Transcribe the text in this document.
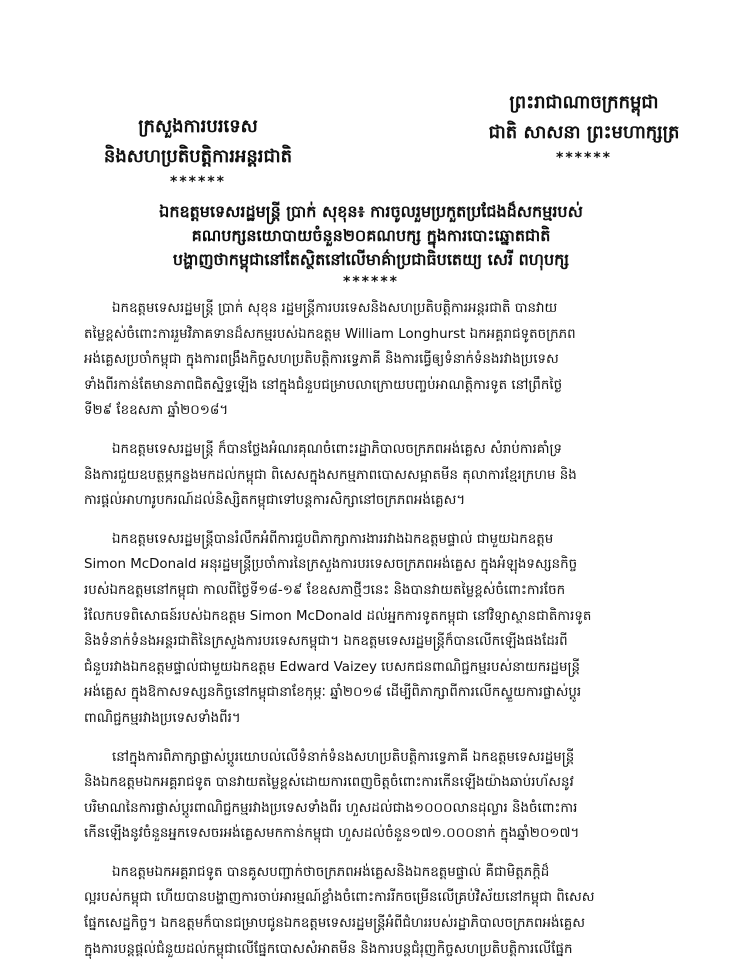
ព្រះរាជាណាចក្រកម្ពុជា
ជាតិ សាសនា ព្រះមហាក្សត្រ
******
ក្រសួងការបរទេស
និងសហប្រតិបត្តិការអន្តរជាតិ
******
ឯកឧត្តមទេសរដ្ឋមន្ត្រី ប្រាក់ សុខុន៖ ការចូលរួមប្រកួតប្រជែងដ៏សកម្មរបស់
គណបក្សនយោបាយចំនួន២០គណបក្ស ក្នុងការបោះឆ្នោតជាតិ
បង្ហាញថាកម្ពុជានៅតែស្ថិតនៅលើមាគ៌ាប្រជាធិបតេយ្យ សេរី ពហុបក្ស
******
ឯកឧត្តមទេសរដ្ឋមន្ត្រី ប្រាក់ សុខុន រដ្ឋមន្ត្រីការបរទេសនិងសហប្រតិបត្តិការអន្តរជាតិ បានវាយ
តម្លៃខ្ពស់ចំពោះការរួមវិភាគទានដ៏សកម្មរបស់ឯកឧត្តម William Longhurst ឯកអគ្គរាជទូតចក្រភព
អង់គ្លេសប្រចាំកម្ពុជា ក្នុងការពង្រឹងកិច្ចសហប្រតិបត្តិការទ្វេភាគី និងការធ្វើឲ្យទំនាក់ទំនងរវាងប្រទេស
ទាំងពីរកាន់តែមានភាពជិតស្និទ្ធឡើង នៅក្នុងជំនួបជម្រាបលាក្រោយបញ្ចប់អាណត្តិការទូត នៅព្រឹកថ្ងៃ
ទី២៩ ខែឧសភា ឆ្នាំ២០១៨។
ឯកឧត្តមទេសរដ្ឋមន្ត្រី ក៏បានថ្លែងអំណរគុណចំពោះរដ្ឋាភិបាលចក្រភពអង់គ្លេស សំរាប់ការគាំទ្រ
និងការជួយឧបត្ថម្ភកន្លងមកដល់កម្ពុជា ពិសេសក្នុងសកម្មភាពបោសសម្អាតមីន តុលាការខ្មែរក្រហម និង
ការផ្តល់អាហារូបករណ៍ដល់និស្សិតកម្ពុជាទៅបន្តការសិក្សានៅចក្រភពអង់គ្លេស។
ឯកឧត្តមទេសរដ្ឋមន្ត្រីបានរំលឹកអំពីការជួបពិភាក្សាការងាររវាងឯកឧត្តមផ្ទាល់ ជាមួយឯកឧត្តម
Simon McDonald អនុរដ្ឋមន្ត្រីប្រចាំការនៃក្រសួងការបរទេសចក្រភពអង់គ្លេស ក្នុងអំឡុងទស្សនកិច្ច
របស់ឯកឧត្តមនៅកម្ពុជា កាលពីថ្ងៃទី១៨-១៩ ខែឧសភាថ្មីៗនេះ និងបានវាយតម្លៃខ្ពស់ចំពោះការចែក
រំលែកបទពិសោធន៍របស់ឯកឧត្តម Simon McDonald ដល់អ្នកការទូតកម្ពុជា នៅវិទ្យាស្ថានជាតិការទូត
និងទំនាក់ទំនងអន្តរជាតិនៃក្រសួងការបរទេសកម្ពុជា។ ឯកឧត្តមទេសរដ្ឋមន្ត្រីក៏បានលើកឡើងផងដែរពី
ជំនួបរវាងឯកឧត្តមផ្ទាល់ជាមួយឯកឧត្តម Edward Vaizey បេសកជនពាណិជ្ជកម្មរបស់នាយករដ្ឋមន្ត្រី
អង់គ្លេស ក្នុងឱកាសទស្សនកិច្ចនៅកម្ពុជានាខែកុម្ភៈ ឆ្នាំ២០១៨ ដើម្បីពិភាក្សាពីការលើកស្ទួយការផ្លាស់ប្តូរ
ពាណិជ្ជកម្មរវាងប្រទេសទាំងពីរ។
នៅក្នុងការពិភាក្សាផ្លាស់ប្តូរយោបល់លើទំនាក់ទំនងសហប្រតិបត្តិការទ្វេភាគី ឯកឧត្តមទេសរដ្ឋមន្ត្រី
និងឯកឧត្តមឯកអគ្គរាជទូត បានវាយតម្លៃខ្ពស់ដោយការពេញចិត្តចំពោះការកើនឡើងយ៉ាងឆាប់រហ័សនូវ
បរិមាណនៃការផ្លាស់ប្តូរពាណិជ្ជកម្មរវាងប្រទេសទាំងពីរ ហួសដល់ជាង១០០០លានដុល្លារ និងចំពោះការ
កើនឡើងនូវចំនួនអ្នកទេសចរអង់គ្លេសមកកាន់កម្ពុជា ហួសដល់ចំនួន១៧១.០០០នាក់ ក្នុងឆ្នាំ២០១៧។
ឯកឧត្តមឯកអគ្គរាជទូត បានគូសបញ្ជាក់ថាចក្រភពអង់គ្លេសនិងឯកឧត្តមផ្ទាល់ គឺជាមិត្តភក្តិដ៏
ល្អរបស់កម្ពុជា ហើយបានបង្ហាញការចាប់អារម្មណ៍ខ្លាំងចំពោះការរីកចម្រើនលើគ្រប់វិស័យនៅកម្ពុជា ពិសេស
ផ្នែកសេដ្ឋកិច្ច។ ឯកឧត្តមក៏បានជម្រាបជូនឯកឧត្តមទេសរដ្ឋមន្ត្រីអំពីជំហររបស់រដ្ឋាភិបាលចក្រភពអង់គ្លេស
ក្នុងការបន្តផ្តល់ជំនួយដល់កម្ពុជាលើផ្នែកបោសសំអាតមីន និងការបន្តជំរុញកិច្ចសហប្រតិបត្តិការលើផ្នែក
